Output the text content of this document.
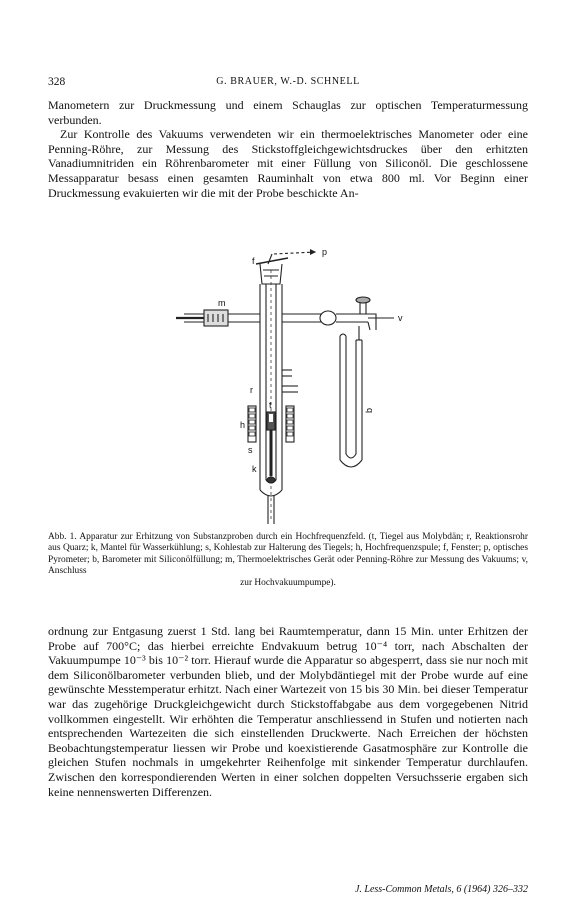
328	G. BRAUER, W.-D. SCHNELL

Manometern zur Druckmessung und einem Schauglas zur optischen Temperaturmessung verbunden.

Zur Kontrolle des Vakuums verwendeten wir ein thermoelektrisches Manometer oder eine Penning-Röhre, zur Messung des Stickstoffgleichgewichtsdruckes über den erhitzten Vanadiumnitriden ein Röhrenbarometer mit einer Füllung von Siliconöl. Die geschlossene Messapparatur besass einen gesamten Rauminhalt von etwa 800 ml. Vor Beginn einer Druckmessung evakuierten wir die mit der Probe beschickte An-

f
p
m
v
r
t
h
s
k
b
Abb. 1. Apparatur zur Erhitzung von Substanzproben durch ein Hochfrequenzfeld. (t, Tiegel aus Molybdän; r, Reaktionsrohr aus Quarz; k, Mantel für Wasserkühlung; s, Kohlestab zur Halterung des Tiegels; h, Hochfrequenzspule; f, Fenster; p, optisches Pyrometer; b, Barometer mit Siliconölfüllung; m, Thermoelektrisches Gerät oder Penning-Röhre zur Messung des Vakuums; v, Anschluss
zur Hochvakuumpumpe).

ordnung zur Entgasung zuerst 1 Std. lang bei Raumtemperatur, dann 15 Min. unter Erhitzen der Probe auf 700°C; das hierbei erreichte Endvakuum betrug 10⁻⁴ torr, nach Abschalten der Vakuumpumpe 10⁻³ bis 10⁻² torr. Hierauf wurde die Apparatur so abgesperrt, dass sie nur noch mit dem Siliconölbarometer verbunden blieb, und der Molybdäntiegel mit der Probe wurde auf eine gewünschte Messtemperatur erhitzt. Nach einer Wartezeit von 15 bis 30 Min. bei dieser Temperatur war das zugehörige Druckgleichgewicht durch Stickstoffabgabe aus dem vorgegebenen Nitrid vollkommen eingestellt. Wir erhöhten die Temperatur anschliessend in Stufen und notierten nach entsprechenden Wartezeiten die sich einstellenden Druckwerte. Nach Erreichen der höchsten Beobachtungstemperatur liessen wir Probe und koexistierende Gasatmosphäre zur Kontrolle die gleichen Stufen nochmals in umgekehrter Reihenfolge mit sinkender Temperatur durchlaufen. Zwischen den korrespondierenden Werten in einer solchen doppelten Versuchsserie ergaben sich keine nennenswerten Differenzen.

J. Less-Common Metals, 6 (1964) 326–332
